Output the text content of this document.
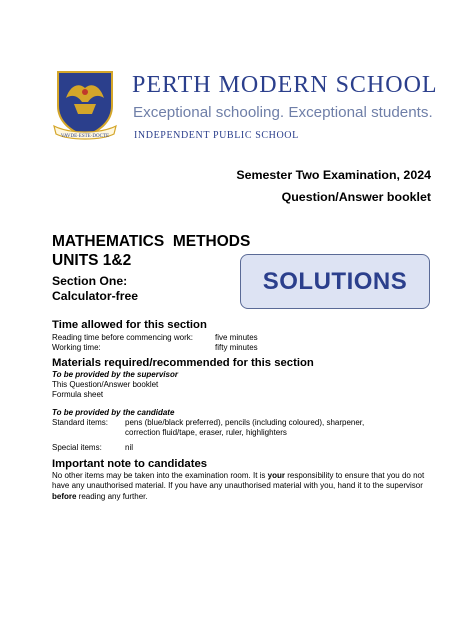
VAVDE·ESTE·DOCTE
PERTH MODERN SCHOOL
Exceptional schooling. Exceptional students.
INDEPENDENT PUBLIC SCHOOL
Semester Two Examination, 2024
Question/Answer booklet
MATHEMATICS  METHODS
UNITS 1&2
Section One:
Calculator-free
SOLUTIONS
Time allowed for this section
Reading time before commencing work:	five minutes
Working time:	fifty minutes
Materials required/recommended for this section
To be provided by the supervisor
This Question/Answer booklet
Formula sheet
To be provided by the candidate
Standard items: pens (blue/black preferred), pencils (including coloured), sharpener,
correction fluid/tape, eraser, ruler, highlighters
Special items:	nil
Important note to candidates
No other items may be taken into the examination room. It is your responsibility to ensure that you do not have any unauthorised material. If you have any unauthorised material with you, hand it to the supervisor before reading any further.
